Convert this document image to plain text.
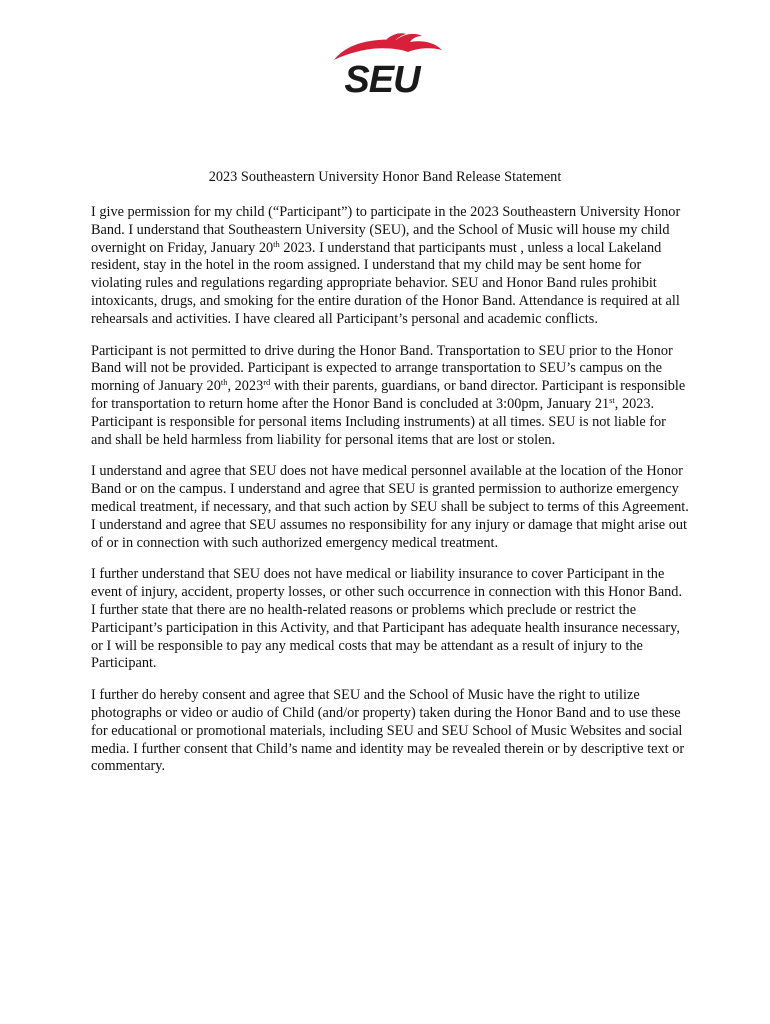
SEU

2023 Southeastern University Honor Band Release Statement

I give permission for my child (“Participant”) to participate in the 2023 Southeastern University Honor Band. I understand that Southeastern University (SEU), and the School of Music will house my child overnight on Friday, January 20th 2023. I understand that participants must , unless a local Lakeland resident, stay in the hotel in the room assigned. I understand that my child may be sent home for violating rules and regulations regarding appropriate behavior. SEU and Honor Band rules prohibit intoxicants, drugs, and smoking for the entire duration of the Honor Band. Attendance is required at all rehearsals and activities. I have cleared all Participant’s personal and academic conflicts.

Participant is not permitted to drive during the Honor Band. Transportation to SEU prior to the Honor Band will not be provided. Participant is expected to arrange transportation to SEU’s campus on the morning of January 20th, 2023rd with their parents, guardians, or band director. Participant is responsible for transportation to return home after the Honor Band is concluded at 3:00pm, January 21st, 2023. Participant is responsible for personal items Including instruments) at all times. SEU is not liable for and shall be held harmless from liability for personal items that are lost or stolen.

I understand and agree that SEU does not have medical personnel available at the location of the Honor Band or on the campus. I understand and agree that SEU is granted permission to authorize emergency medical treatment, if necessary, and that such action by SEU shall be subject to terms of this Agreement. I understand and agree that SEU assumes no responsibility for any injury or damage that might arise out of or in connection with such authorized emergency medical treatment.

I further understand that SEU does not have medical or liability insurance to cover Participant in the event of injury, accident, property losses, or other such occurrence in connection with this Honor Band. I further state that there are no health-related reasons or problems which preclude or restrict the Participant’s participation in this Activity, and that Participant has adequate health insurance necessary, or I will be responsible to pay any medical costs that may be attendant as a result of injury to the Participant.

I further do hereby consent and agree that SEU and the School of Music have the right to utilize photographs or video or audio of Child (and/or property) taken during the Honor Band and to use these for educational or promotional materials, including SEU and SEU School of Music Websites and social media. I further consent that Child’s name and identity may be revealed therein or by descriptive text or commentary.
